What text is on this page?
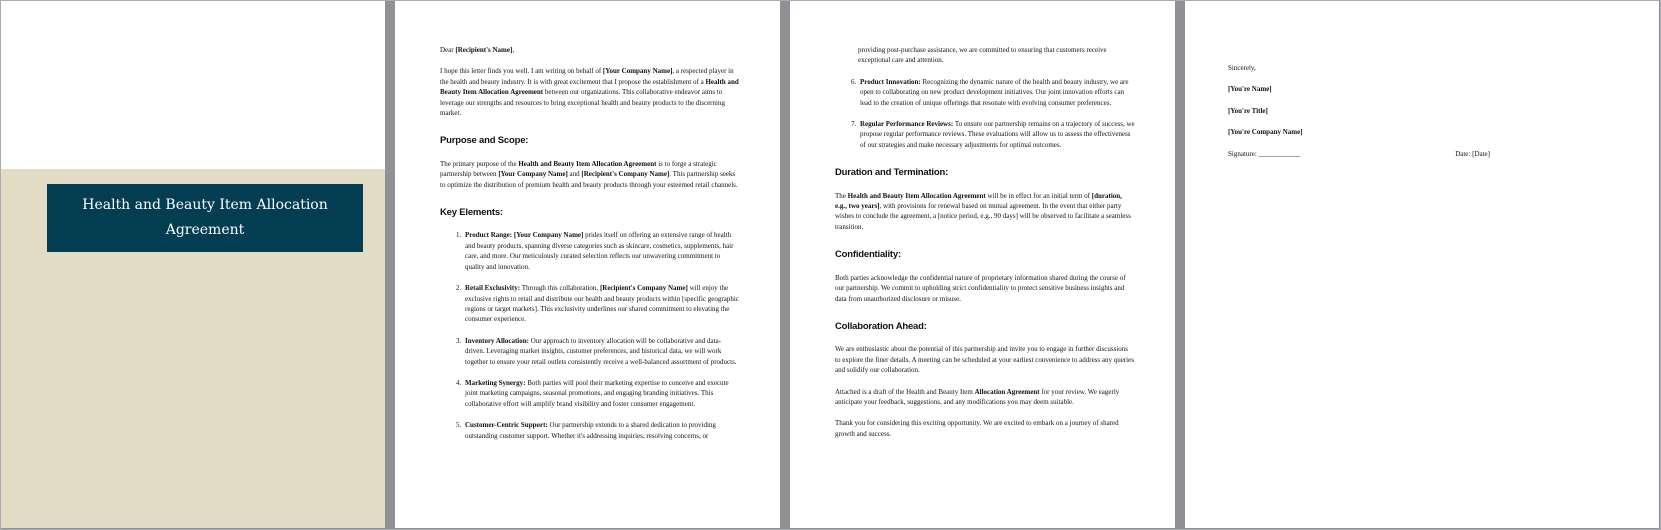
Health and Beauty Item Allocation
Agreement

Dear [Recipient's Name],

I hope this letter finds you well. I am writing on behalf of [Your Company Name], a respected player in the health and beauty industry. It is with great excitement that I propose the establishment of a Health and Beauty Item Allocation Agreement between our organizations. This collaborative endeavor aims to leverage our strengths and resources to bring exceptional health and beauty products to the discerning market.

Purpose and Scope:

The primary purpose of the Health and Beauty Item Allocation Agreement is to forge a strategic partnership between [Your Company Name] and [Recipient's Company Name]. This partnership seeks to optimize the distribution of premium health and beauty products through your esteemed retail channels.

Key Elements:
1. Product Range: [Your Company Name] prides itself on offering an extensive range of health and beauty products, spanning diverse categories such as skincare, cosmetics, supplements, hair care, and more. Our meticulously curated selection reflects our unwavering commitment to quality and innovation.
2. Retail Exclusivity: Through this collaboration, [Recipient's Company Name] will enjoy the exclusive rights to retail and distribute our health and beauty products within [specific geographic regions or target markets]. This exclusivity underlines our shared commitment to elevating the consumer experience.
3. Inventory Allocation: Our approach to inventory allocation will be collaborative and data-driven. Leveraging market insights, customer preferences, and historical data, we will work together to ensure your retail outlets consistently receive a well-balanced assortment of products.
4. Marketing Synergy: Both parties will pool their marketing expertise to conceive and execute joint marketing campaigns, seasonal promotions, and engaging branding initiatives. This collaborative effort will amplify brand visibility and foster consumer engagement.
5. Customer-Centric Support: Our partnership extends to a shared dedication to providing outstanding customer support. Whether it's addressing inquiries, resolving concerns, or

providing post-purchase assistance, we are committed to ensuring that customers receive exceptional care and attention.

6. Product Innovation: Recognizing the dynamic nature of the health and beauty industry, we are open to collaborating on new product development initiatives. Our joint innovation efforts can lead to the creation of unique offerings that resonate with evolving consumer preferences.
7. Regular Performance Reviews: To ensure our partnership remains on a trajectory of success, we propose regular performance reviews. These evaluations will allow us to assess the effectiveness of our strategies and make necessary adjustments for optimal outcomes.
Duration and Termination:

The Health and Beauty Item Allocation Agreement will be in effect for an initial term of [duration, e.g., two years], with provisions for renewal based on mutual agreement. In the event that either party wishes to conclude the agreement, a [notice period, e.g., 90 days] will be observed to facilitate a seamless transition.

Confidentiality:

Both parties acknowledge the confidential nature of proprietary information shared during the course of our partnership. We commit to upholding strict confidentiality to protect sensitive business insights and data from unauthorized disclosure or misuse.

Collaboration Ahead:

We are enthusiastic about the potential of this partnership and invite you to engage in further discussions to explore the finer details. A meeting can be scheduled at your earliest convenience to address any queries and solidify our collaboration.

Attached is a draft of the Health and Beauty Item Allocation Agreement for your review. We eagerly anticipate your feedback, suggestions, and any modifications you may deem suitable.

Thank you for considering this exciting opportunity. We are excited to embark on a journey of shared growth and success.

Sincerely,

[You're Name]

[You're Title]

[You're Company Name]

Signature: ____________	Date: [Date]
